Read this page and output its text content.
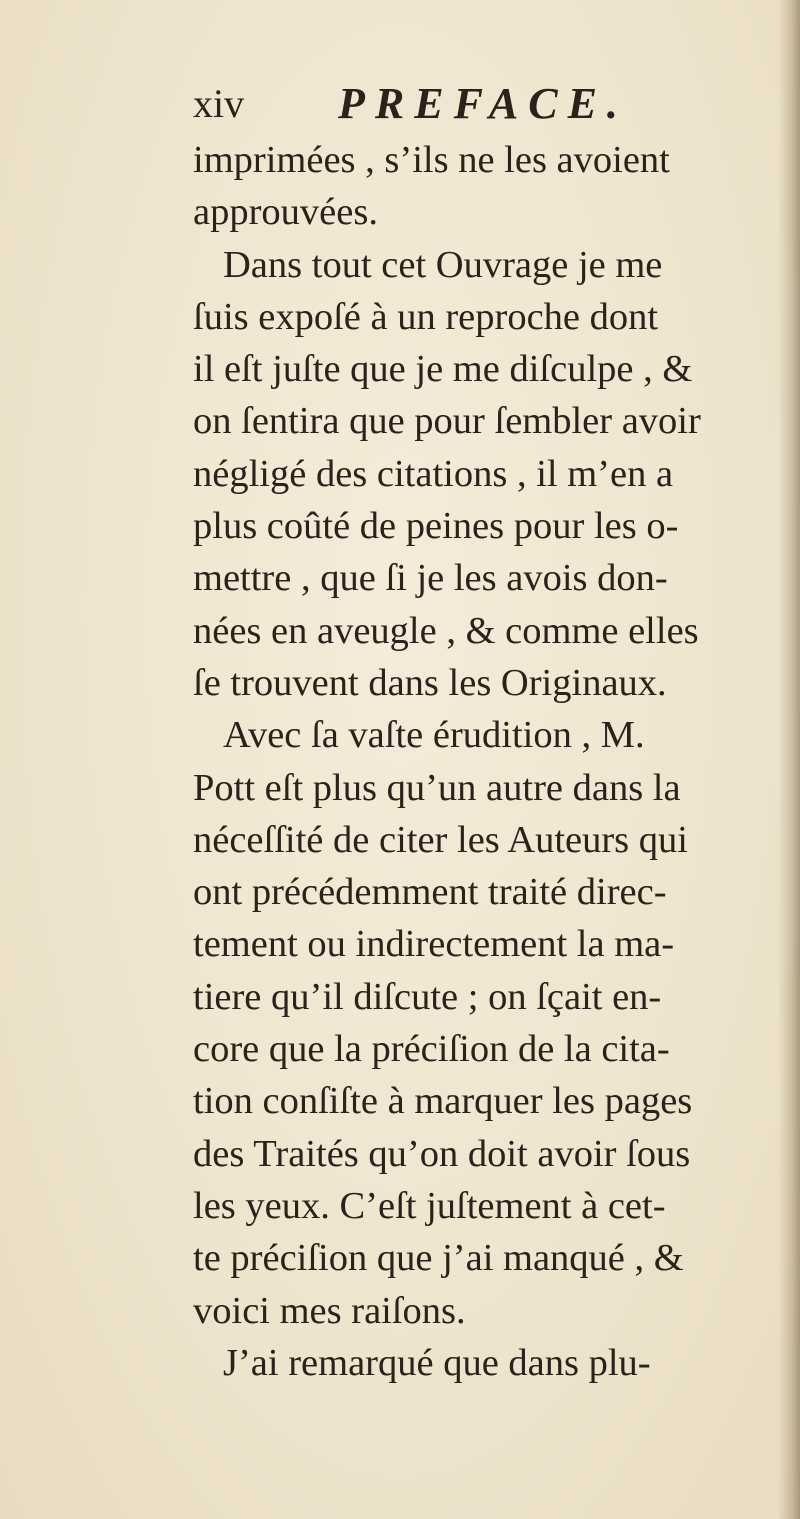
xiv PREFACE.
imprimées , s’ils ne les avoient
approuvées.
Dans tout cet Ouvrage je me
ſuis expoſé à un reproche dont
il eſt juſte que je me diſculpe , &
on ſentira que pour ſembler avoir
négligé des citations , il m’en a
plus coûté de peines pour les o-
mettre , que ſi je les avois don-
nées en aveugle , & comme elles
ſe trouvent dans les Originaux.
Avec ſa vaſte érudition , M.
Pott eſt plus qu’un autre dans la
néceſſité de citer les Auteurs qui
ont précédemment traité direc-
tement ou indirectement la ma-
tiere qu’il diſcute ; on ſçait en-
core que la préciſion de la cita-
tion conſiſte à marquer les pages
des Traités qu’on doit avoir ſous
les yeux. C’eſt juſtement à cet-
te préciſion que j’ai manqué , &
voici mes raiſons.
J’ai remarqué que dans plu-
